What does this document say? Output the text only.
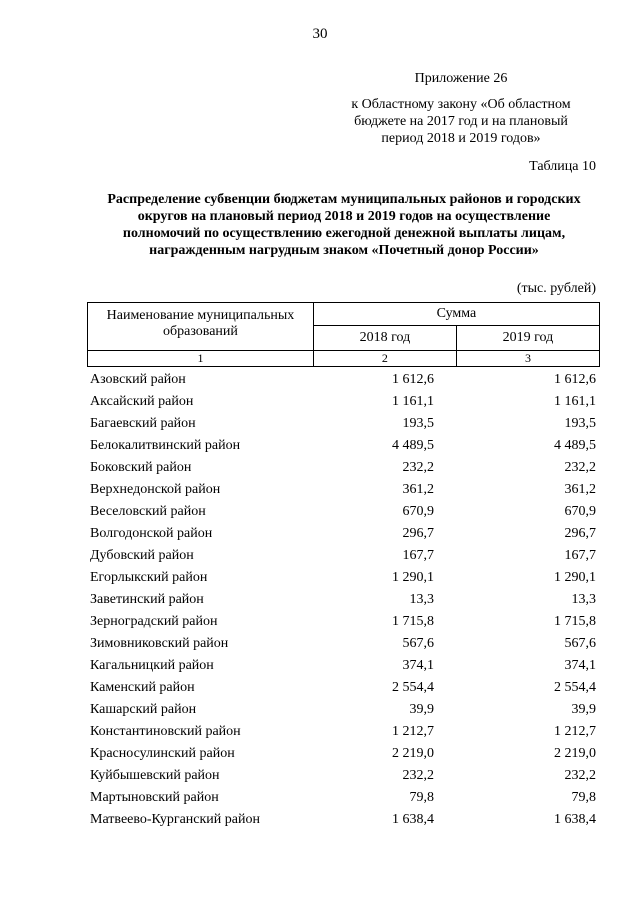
30
Приложение 26
к Областному закону «Об областном
бюджете на 2017 год и на плановый
период 2018 и 2019 годов»
Таблица 10
Распределение субвенции бюджетам муниципальных районов и городских
округов на плановый период 2018 и 2019 годов на осуществление
полномочий по осуществлению ежегодной денежной выплаты лицам,
награжденным нагрудным знаком «Почетный донор России»
(тыс. рублей)
Наименование муниципальных
образований	Сумма	
	2018 год	2019 год
1	2	3
Азовский район	1 612,6	1 612,6
Аксайский район	1 161,1	1 161,1
Багаевский район	193,5	193,5
Белокалитвинский район	4 489,5	4 489,5
Боковский район	232,2	232,2
Верхнедонской район	361,2	361,2
Веселовский район	670,9	670,9
Волгодонской район	296,7	296,7
Дубовский район	167,7	167,7
Егорлыкский район	1 290,1	1 290,1
Заветинский район	13,3	13,3
Зерноградский район	1 715,8	1 715,8
Зимовниковский район	567,6	567,6
Кагальницкий район	374,1	374,1
Каменский район	2 554,4	2 554,4
Кашарский район	39,9	39,9
Константиновский район	1 212,7	1 212,7
Красносулинский район	2 219,0	2 219,0
Куйбышевский район	232,2	232,2
Мартыновский район	79,8	79,8
Матвеево-Курганский район	1 638,4	1 638,4
